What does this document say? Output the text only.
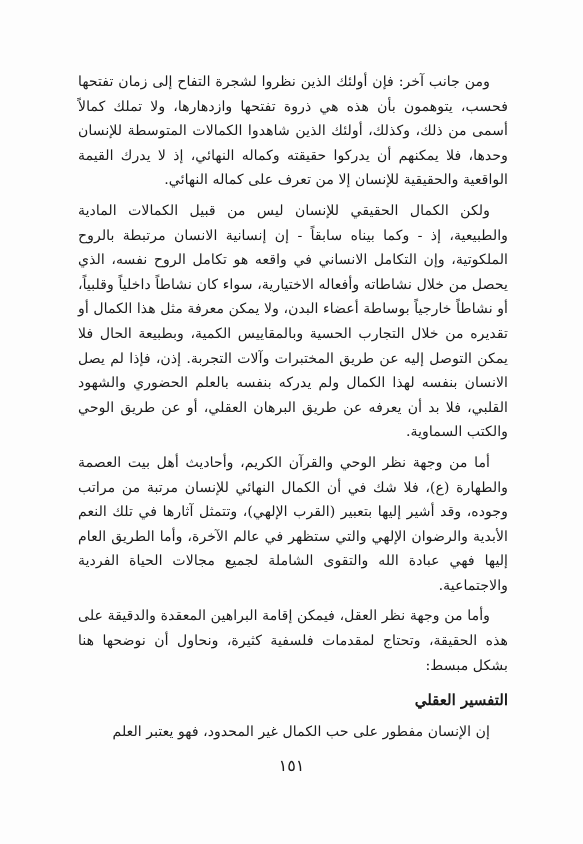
ومن جانب آخر: فإن أولئك الذين نظروا لشجرة التفاح إلى زمان تفتحها فحسب، يتوهمون بأن هذه هي ذروة تفتحها وازدهارها، ولا تملك كمالاً أسمى من ذلك، وكذلك، أولئك الذين شاهدوا الكمالات المتوسطة للإنسان وحدها، فلا يمكنهم أن يدركوا حقيقته وكماله النهائي، إذ لا يدرك القيمة الواقعية والحقيقية للإنسان إلا من تعرف على كماله النهائي.

ولكن الكمال الحقيقي للإنسان ليس من قبيل الكمالات المادية والطبيعية، إذ - وكما بيناه سابقاً - إن إنسانية الانسان مرتبطة بالروح الملكوتية، وإن التكامل الانساني في واقعه هو تكامل الروح نفسه، الذي يحصل من خلال نشاطاته وأفعاله الاختيارية، سواء كان نشاطاً داخلياً وقلبياً، أو نشاطاً خارجياً بوساطة أعضاء البدن، ولا يمكن معرفة مثل هذا الكمال أو تقديره من خلال التجارب الحسية وبالمقاييس الكمية، وبطبيعة الحال فلا يمكن التوصل إليه عن طريق المختبرات وآلات التجربة. إذن، فإذا لم يصل الانسان بنفسه لهذا الكمال ولم يدركه بنفسه بالعلم الحضوري والشهود القلبي، فلا بد أن يعرفه عن طريق البرهان العقلي، أو عن طريق الوحي والكتب السماوية.

أما من وجهة نظر الوحي والقرآن الكريم، وأحاديث أهل بيت العصمة والطهارة (ع)، فلا شك في أن الكمال النهائي للإنسان مرتبة من مراتب وجوده، وقد أشير إليها بتعبير (القرب الإلهي)، وتتمثل آثارها في تلك النعم الأبدية والرضوان الإلهي والتي ستظهر في عالم الآخرة، وأما الطريق العام إليها فهي عبادة الله والتقوى الشاملة لجميع مجالات الحياة الفردية والاجتماعية.

وأما من وجهة نظر العقل، فيمكن إقامة البراهين المعقدة والدقيقة على هذه الحقيقة، وتحتاج لمقدمات فلسفية كثيرة، ونحاول أن نوضحها هنا بشكل مبسط:

التفسير العقلي

إن الإنسان مفطور على حب الكمال غير المحدود، فهو يعتبر العلم

١٥١
